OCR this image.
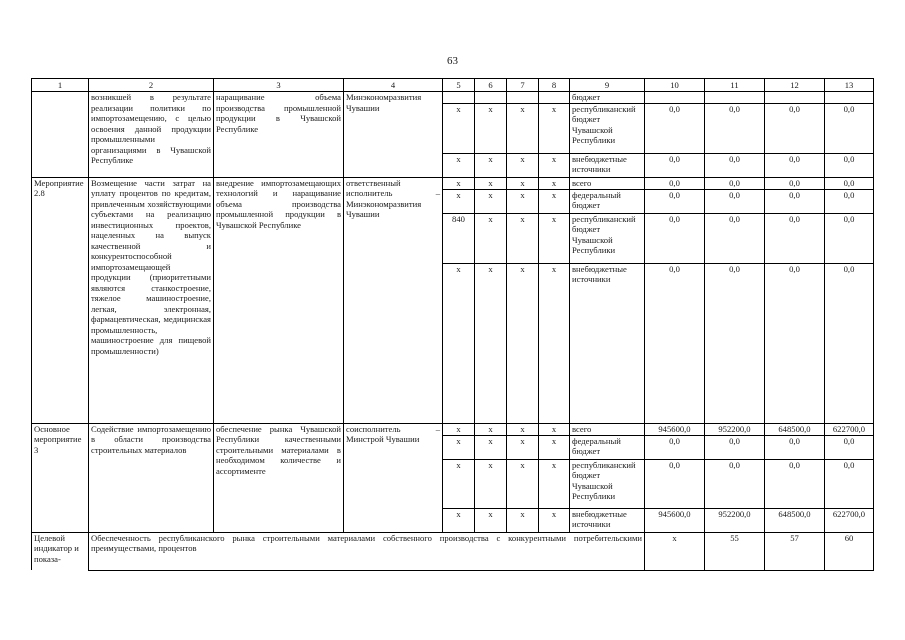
63
1	2	3	4	5	6	7	8	9	10	11	12	13	
	возникшей в результате реализации политики по импортозамещению, с целью освоения данной продукции промышленными организациями в Чувашской Республике	наращивание объема производства промышленной продукции в Чувашской Республике	Минэкономразвития Чувашии					бюджет					
				х	х	х	х	республиканский бюджет Чувашской Республики	0,0	0,0	0,0	0,0	
				х	х	х	х	внебюджетные источники	0,0	0,0	0,0	0,0	
Мероприятие 2.8	Возмещение части затрат на уплату процентов по кредитам, привлеченным хозяйствующими субъектами на реализацию инвестиционных проектов, нацеленных на выпуск качественной и конкурентоспособной импортозамещающей продукции (приоритетными являются станкостроение, тяжелое машиностроение, легкая, электронная, фармацевтическая, медицинская промышленность, машиностроение для пищевой промышленности)	внедрение импортозамещающих технологий и наращивание объема производства промышленной продукции в Чувашской Республике	ответственный исполнитель – Минэкономразвития Чувашии	х	х	х	х	всего	0,0	0,0	0,0	0,0	
				х	х	х	х	федеральный бюджет	0,0	0,0	0,0	0,0	
				840	х	х	х	республиканский бюджет Чувашской Республики	0,0	0,0	0,0	0,0	
				х	х	х	х	внебюджетные источники	0,0	0,0	0,0	0,0	
Основное мероприятие 3	Содействие импортозамещению в области производства строительных материалов	обеспечение рынка Чувашской Республики качественными строительными материалами в необходимом количестве и ассортименте	соисполнитель – Минстрой Чувашии	х	х	х	х	всего	945600,0	952200,0	648500,0	622700,0	
				х	х	х	х	федеральный бюджет	0,0	0,0	0,0	0,0	
				х	х	х	х	республиканский бюджет Чувашской Республики	0,0	0,0	0,0	0,0	
				х	х	х	х	внебюджетные источники	945600,0	952200,0	648500,0	622700,0	
Целевой индикатор и показа-	Обеспеченность республиканского рынка строительными материалами собственного производства с конкурентными потребительскими преимуществами, процентов								х	55	57	60	
